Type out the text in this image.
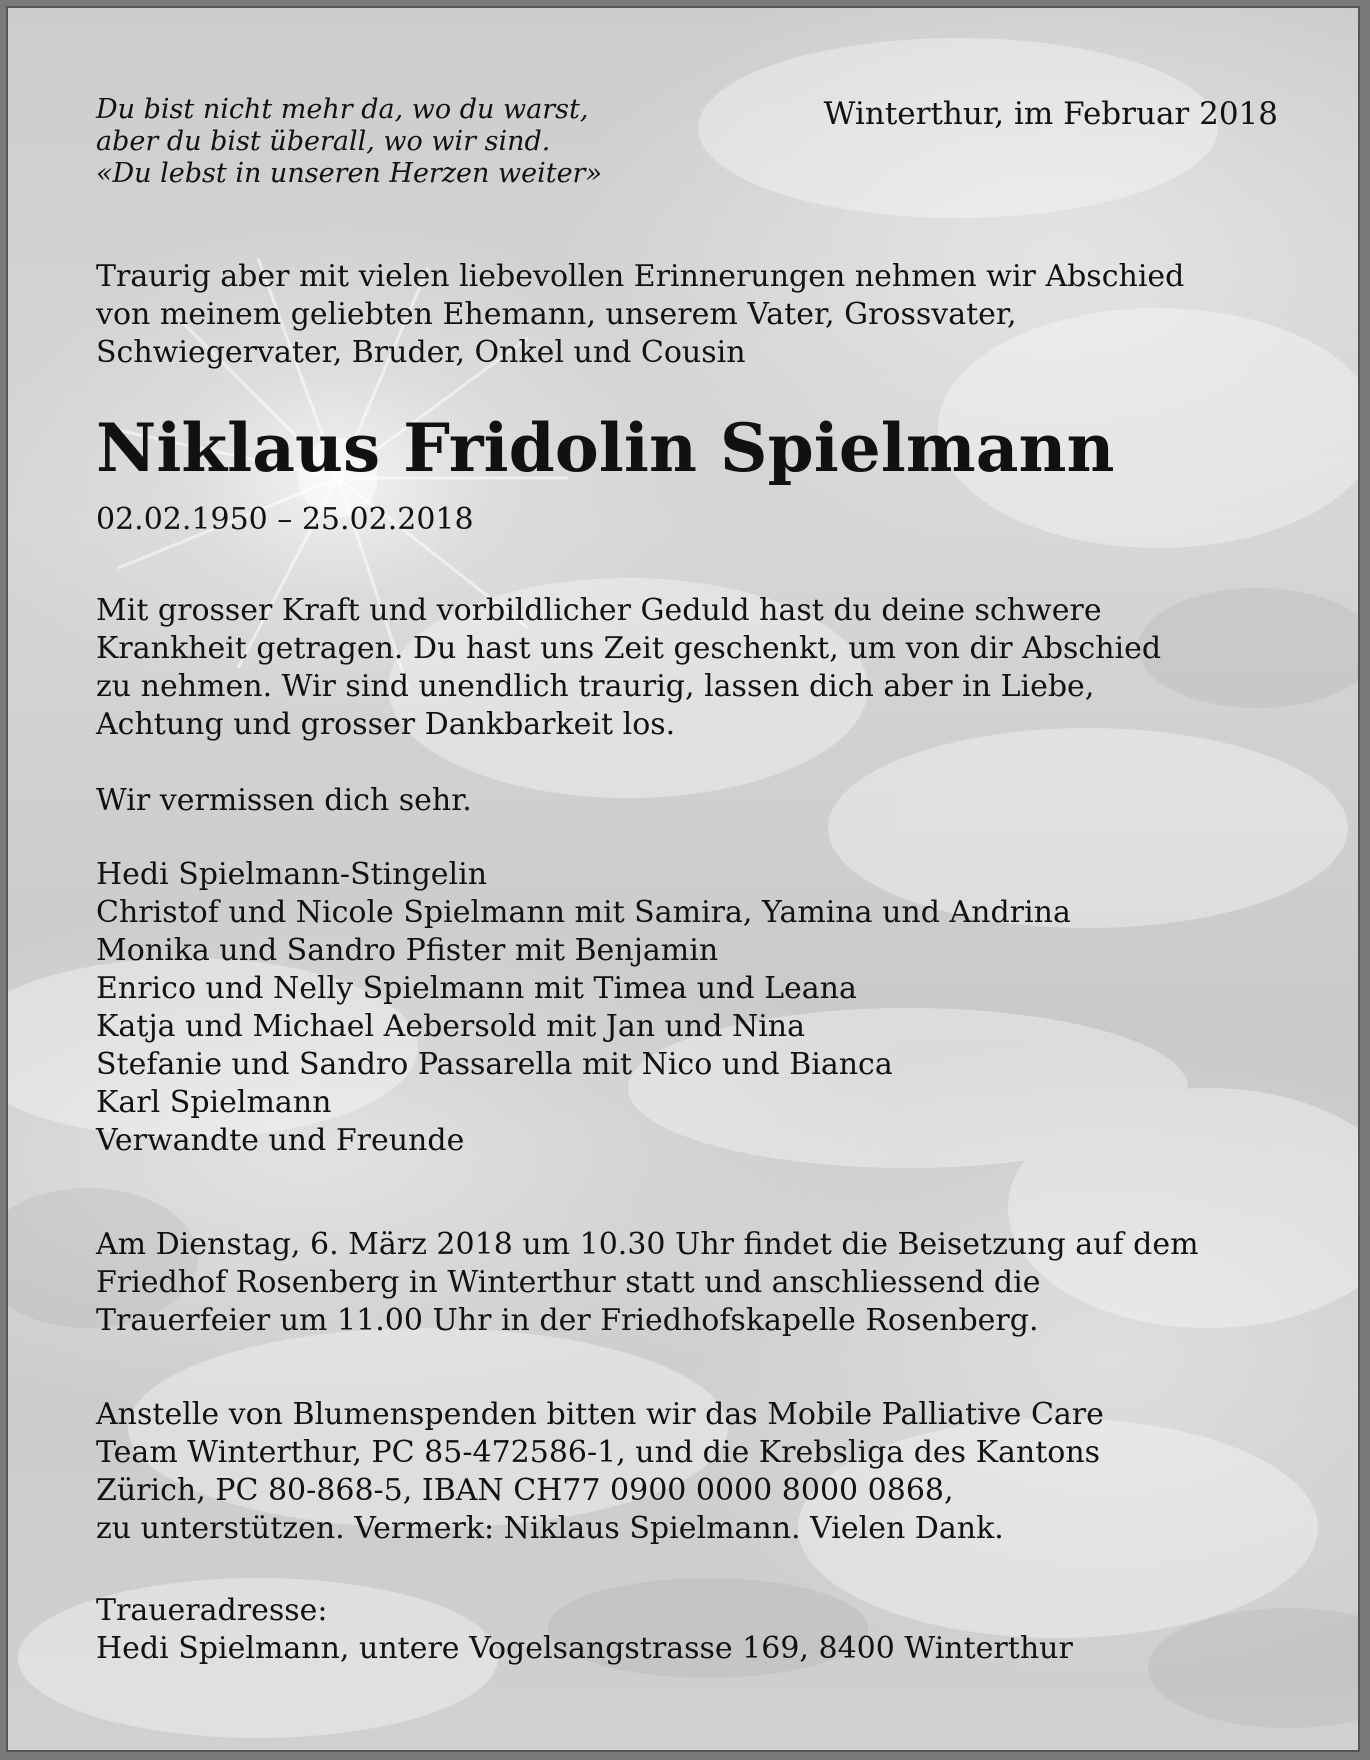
Du bist nicht mehr da, wo du warst,
aber du bist überall, wo wir sind.
«Du lebst in unseren Herzen weiter»
Winterthur, im Februar 2018
Traurig aber mit vielen liebevollen Erinnerungen nehmen wir Abschied
von meinem geliebten Ehemann, unserem Vater, Grossvater,
Schwiegervater, Bruder, Onkel und Cousin
Niklaus Fridolin Spielmann
02.02.1950 – 25.02.2018
Mit grosser Kraft und vorbildlicher Geduld hast du deine schwere
Krankheit getragen. Du hast uns Zeit geschenkt, um von dir Abschied
zu nehmen. Wir sind unendlich traurig, lassen dich aber in Liebe,
Achtung und grosser Dankbarkeit los.
Wir vermissen dich sehr.
Hedi Spielmann-Stingelin
Christof und Nicole Spielmann mit Samira, Yamina und Andrina
Monika und Sandro Pfister mit Benjamin
Enrico und Nelly Spielmann mit Timea und Leana
Katja und Michael Aebersold mit Jan und Nina
Stefanie und Sandro Passarella mit Nico und Bianca
Karl Spielmann
Verwandte und Freunde
Am Dienstag, 6. März 2018 um 10.30 Uhr findet die Beisetzung auf dem
Friedhof Rosenberg in Winterthur statt und anschliessend die
Trauerfeier um 11.00 Uhr in der Friedhofskapelle Rosenberg.
Anstelle von Blumenspenden bitten wir das Mobile Palliative Care
Team Winterthur, PC 85-472586-1, und die Krebsliga des Kantons
Zürich, PC 80-868-5, IBAN CH77 0900 0000 8000 0868,
zu unterstützen. Vermerk: Niklaus Spielmann. Vielen Dank.
Traueradresse:
Hedi Spielmann, untere Vogelsangstrasse 169, 8400 Winterthur
